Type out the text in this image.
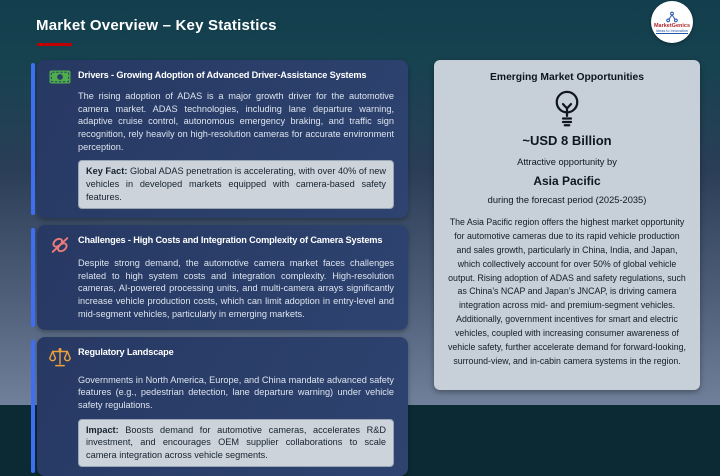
Market Overview – Key Statistics	MarketGenics
Ideas to Innovation
Drivers - Growing Adoption of Advanced Driver-Assistance Systems

The rising adoption of ADAS is a major growth driver for the automotive camera market. ADAS technologies, including lane departure warning, adaptive cruise control, autonomous emergency braking, and traffic sign recognition, rely heavily on high-resolution cameras for accurate environment perception.

Key Fact: Global ADAS penetration is accelerating, with over 40% of new vehicles in developed markets equipped with camera-based safety features.
Challenges - High Costs and Integration Complexity of Camera Systems

Despite strong demand, the automotive camera market faces challenges related to high system costs and integration complexity. High-resolution cameras, AI-powered processing units, and multi-camera arrays significantly increase vehicle production costs, which can limit adoption in entry-level and mid-segment vehicles, particularly in emerging markets.

Regulatory Landscape

Governments in North America, Europe, and China mandate advanced safety features (e.g., pedestrian detection, lane departure warning) under vehicle safety regulations.

Impact: Boosts demand for automotive cameras, accelerates R&D investment, and encourages OEM supplier collaborations to scale camera integration across vehicle segments.
Emerging Market Opportunities
~USD 8 Billion
Attractive opportunity by
Asia Pacific
during the forecast period (2025-2035)

The Asia Pacific region offers the highest market opportunity for automotive cameras due to its rapid vehicle production and sales growth, particularly in China, India, and Japan, which collectively account for over 50% of global vehicle output. Rising adoption of ADAS and safety regulations, such as China’s NCAP and Japan’s JNCAP, is driving camera integration across mid- and premium-segment vehicles. Additionally, government incentives for smart and electric vehicles, coupled with increasing consumer awareness of vehicle safety, further accelerate demand for forward-looking, surround-view, and in-cabin camera systems in the region.
